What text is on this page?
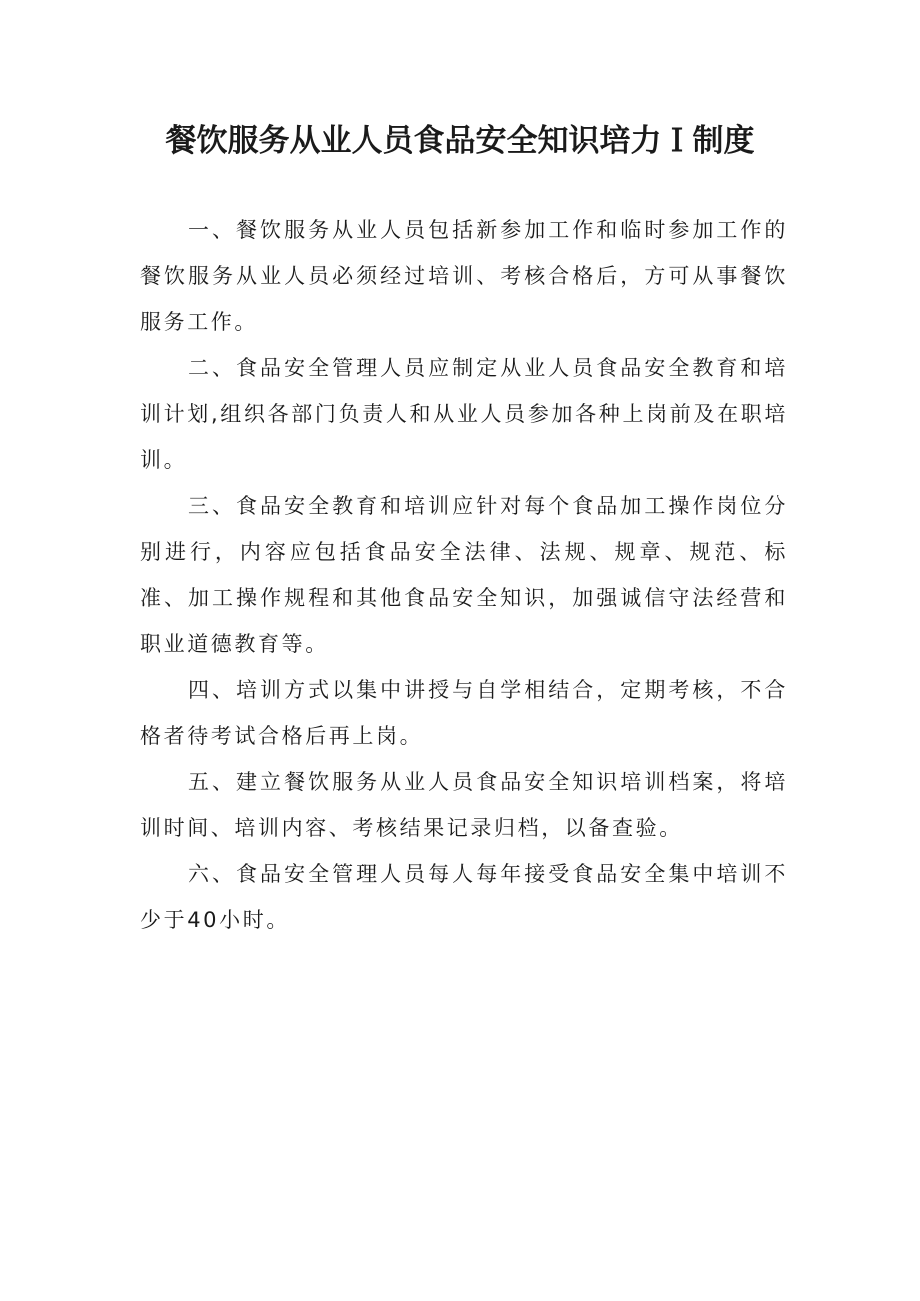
餐饮服务从业人员食品安全知识培力Ｉ制度

一、餐饮服务从业人员包括新参加工作和临时参加工作的餐饮服务从业人员必须经过培训、考核合格后，方可从事餐饮服务工作。

二、食品安全管理人员应制定从业人员食品安全教育和培训计划,组织各部门负责人和从业人员参加各种上岗前及在职培训。

三、食品安全教育和培训应针对每个食品加工操作岗位分别进行，内容应包括食品安全法律、法规、规章、规范、标准、加工操作规程和其他食品安全知识，加强诚信守法经营和职业道德教育等。

四、培训方式以集中讲授与自学相结合，定期考核，不合格者待考试合格后再上岗。

五、建立餐饮服务从业人员食品安全知识培训档案，将培训时间、培训内容、考核结果记录归档，以备查验。

六、食品安全管理人员每人每年接受食品安全集中培训不少于40小时。
